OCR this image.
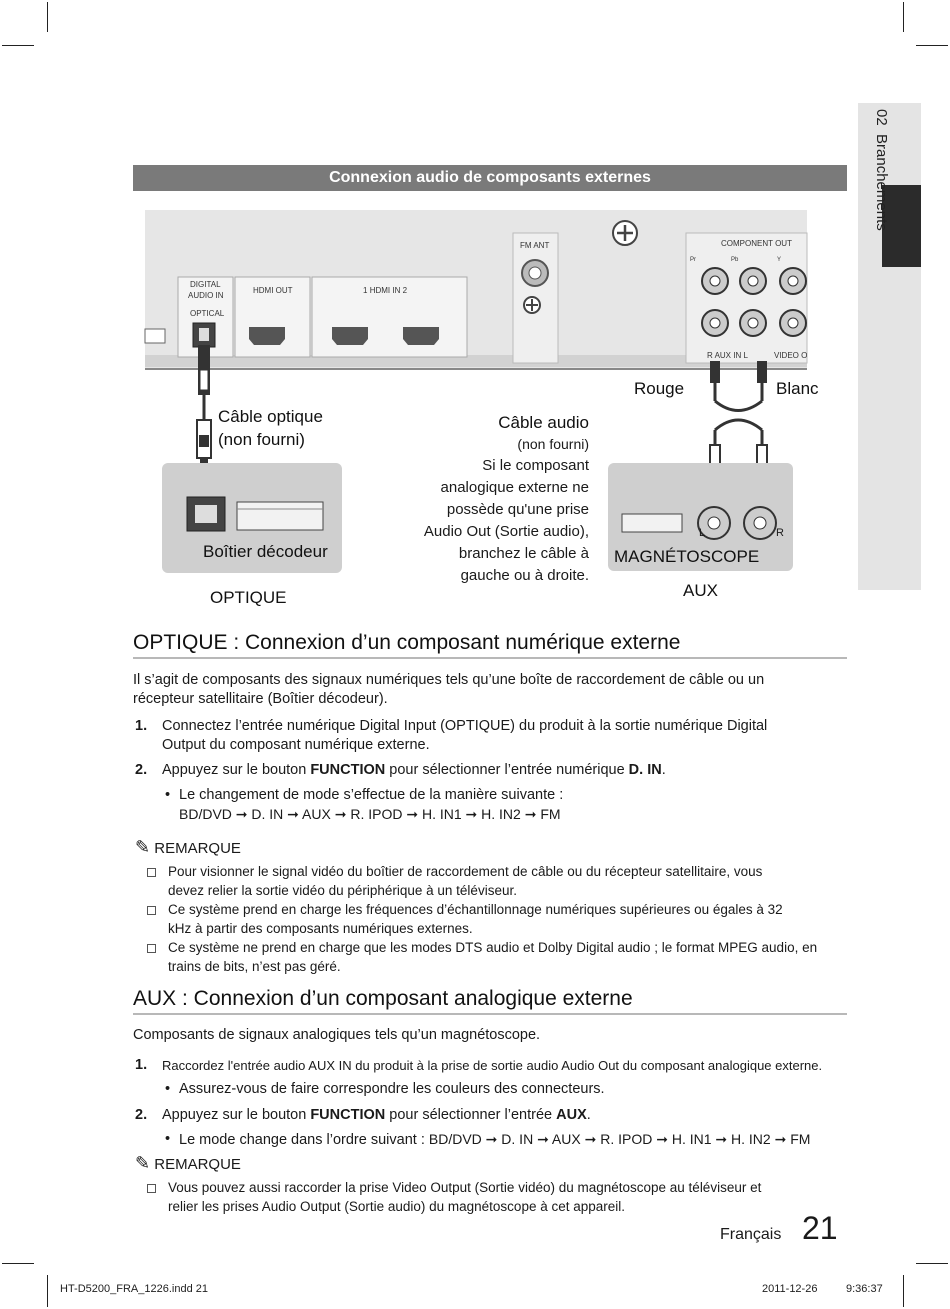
02  Branchements
Connexion audio de composants externes
FM ANT	COMPONENT OUT
Pr	Pb	Y
DIGITAL
AUDIO IN
OPTICAL
HDMI OUT	1 HDMI IN 2
R AUX IN L	VIDEO O
Câble optique
(non fourni)
Boîtier décodeur
OPTIQUE
Câble audio
(non fourni)
Si le composant
analogique externe ne
possède qu'une prise
Audio Out (Sortie audio),
branchez le câble à
gauche ou à droite.
Rouge	Blanc
MAGNÉTOSCOPE
L	R
AUX
OPTIQUE : Connexion d’un composant numérique externe
Il s’agit de composants des signaux numériques tels qu’une boîte de raccordement de câble ou un
récepteur satellitaire (Boîtier décodeur).
1. Connectez l’entrée numérique Digital Input (OPTIQUE) du produit à la sortie numérique Digital
Output du composant numérique externe.
2.	Appuyez sur le bouton FUNCTION pour sélectionner l’entrée numérique D. IN.
• Le changement de mode s’effectue de la manière suivante :
BD/DVD ➞ D. IN ➞ AUX ➞ R. IPOD ➞ H. IN1 ➞ H. IN2 ➞ FM
✎ REMARQUE
Pour visionner le signal vidéo du boîtier de raccordement de câble ou du récepteur satellitaire, vous
devez relier la sortie vidéo du périphérique à un téléviseur.
Ce système prend en charge les fréquences d’échantillonnage numériques supérieures ou égales à 32
kHz à partir des composants numériques externes.
Ce système ne prend en charge que les modes DTS audio et Dolby Digital audio ; le format MPEG audio, en
trains de bits, n’est pas géré.
AUX : Connexion d’un composant analogique externe
Composants de signaux analogiques tels qu’un magnétoscope.
1.	Raccordez l'entrée audio AUX IN du produit à la prise de sortie audio Audio Out du composant analogique externe.
• Assurez-vous de faire correspondre les couleurs des connecteurs.
2.	Appuyez sur le bouton FUNCTION pour sélectionner l’entrée AUX.
• Le mode change dans l’ordre suivant : BD/DVD ➞ D. IN ➞ AUX ➞ R. IPOD ➞ H. IN1 ➞ H. IN2 ➞ FM
✎ REMARQUE
Vous pouvez aussi raccorder la prise Video Output (Sortie vidéo) du magnétoscope au téléviseur et
relier les prises Audio Output (Sortie audio) du magnétoscope à cet appareil.
Français 21
HT-D5200_FRA_1226.indd 21	2011-12-26	9:36:37
